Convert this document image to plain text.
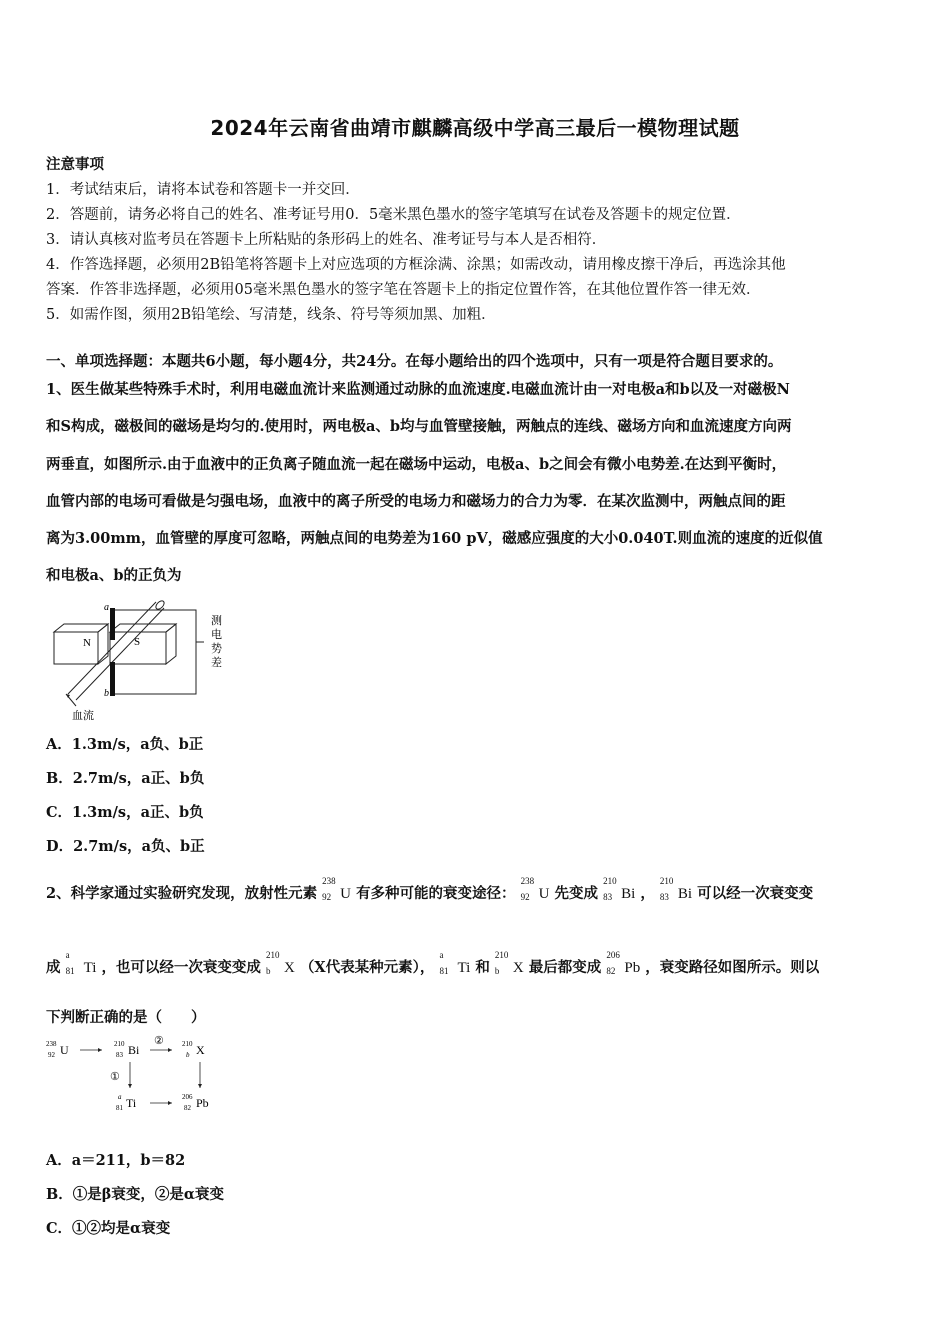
2024年云南省曲靖市麒麟高级中学高三最后一模物理试题
注意事项
1．考试结束后，请将本试卷和答题卡一并交回．
2．答题前，请务必将自己的姓名、准考证号用0．5毫米黑色墨水的签字笔填写在试卷及答题卡的规定位置．
3．请认真核对监考员在答题卡上所粘贴的条形码上的姓名、准考证号与本人是否相符．
4．作答选择题，必须用2B铅笔将答题卡上对应选项的方框涂满、涂黑；如需改动，请用橡皮擦干净后，再选涂其他
答案．作答非选择题，必须用05毫米黑色墨水的签字笔在答题卡上的指定位置作答，在其他位置作答一律无效．
5．如需作图，须用2B铅笔绘、写清楚，线条、符号等须加黑、加粗．
一、单项选择题：本题共6小题，每小题4分，共24分。在每小题给出的四个选项中，只有一项是符合题目要求的。
1、医生做某些特殊手术时，利用电磁血流计来监测通过动脉的血流速度.电磁血流计由一对电极a和b以及一对磁极N
和S构成，磁极间的磁场是均匀的.使用时，两电极a、b均与血管壁接触，两触点的连线、磁场方向和血流速度方向两
两垂直，如图所示.由于血液中的正负离子随血流一起在磁场中运动，电极a、b之间会有微小电势差.在达到平衡时，
血管内部的电场可看做是匀强电场，血液中的离子所受的电场力和磁场力的合力为零．在某次监测中，两触点间的距
离为3.00mm，血管壁的厚度可忽略，两触点间的电势差为160 pV，磁感应强度的大小0.040T.则血流的速度的近似值
和电极a、b的正负为
N	S
a
b
测
电
势
差
血流
A．1.3m/s，a负、b正
B．2.7m/s，a正、b负
C．1.3m/s，a正、b负
D．2.7m/s，a负、b正
2、科学家通过实验研究发现，放射性元素
238
92 U 有多种可能的衰变途径：
238
92 U 先变成
210
83 Bi ，
210
83 Bi 可以经一次衰变变
成
a
81 Ti ，也可以经一次衰变变成
210
b X （X代表某种元素），
a
81 Ti 和
210
b X 最后都变成
206
82 Pb ，衰变路径如图所示。则以
下判断正确的是（　　）
238
92 U	210
83 Bi
②	210
b X
①
a
81 Ti	206
82 Pb
A．a＝211，b＝82
B．①是β衰变，②是α衰变
C．①②均是α衰变
